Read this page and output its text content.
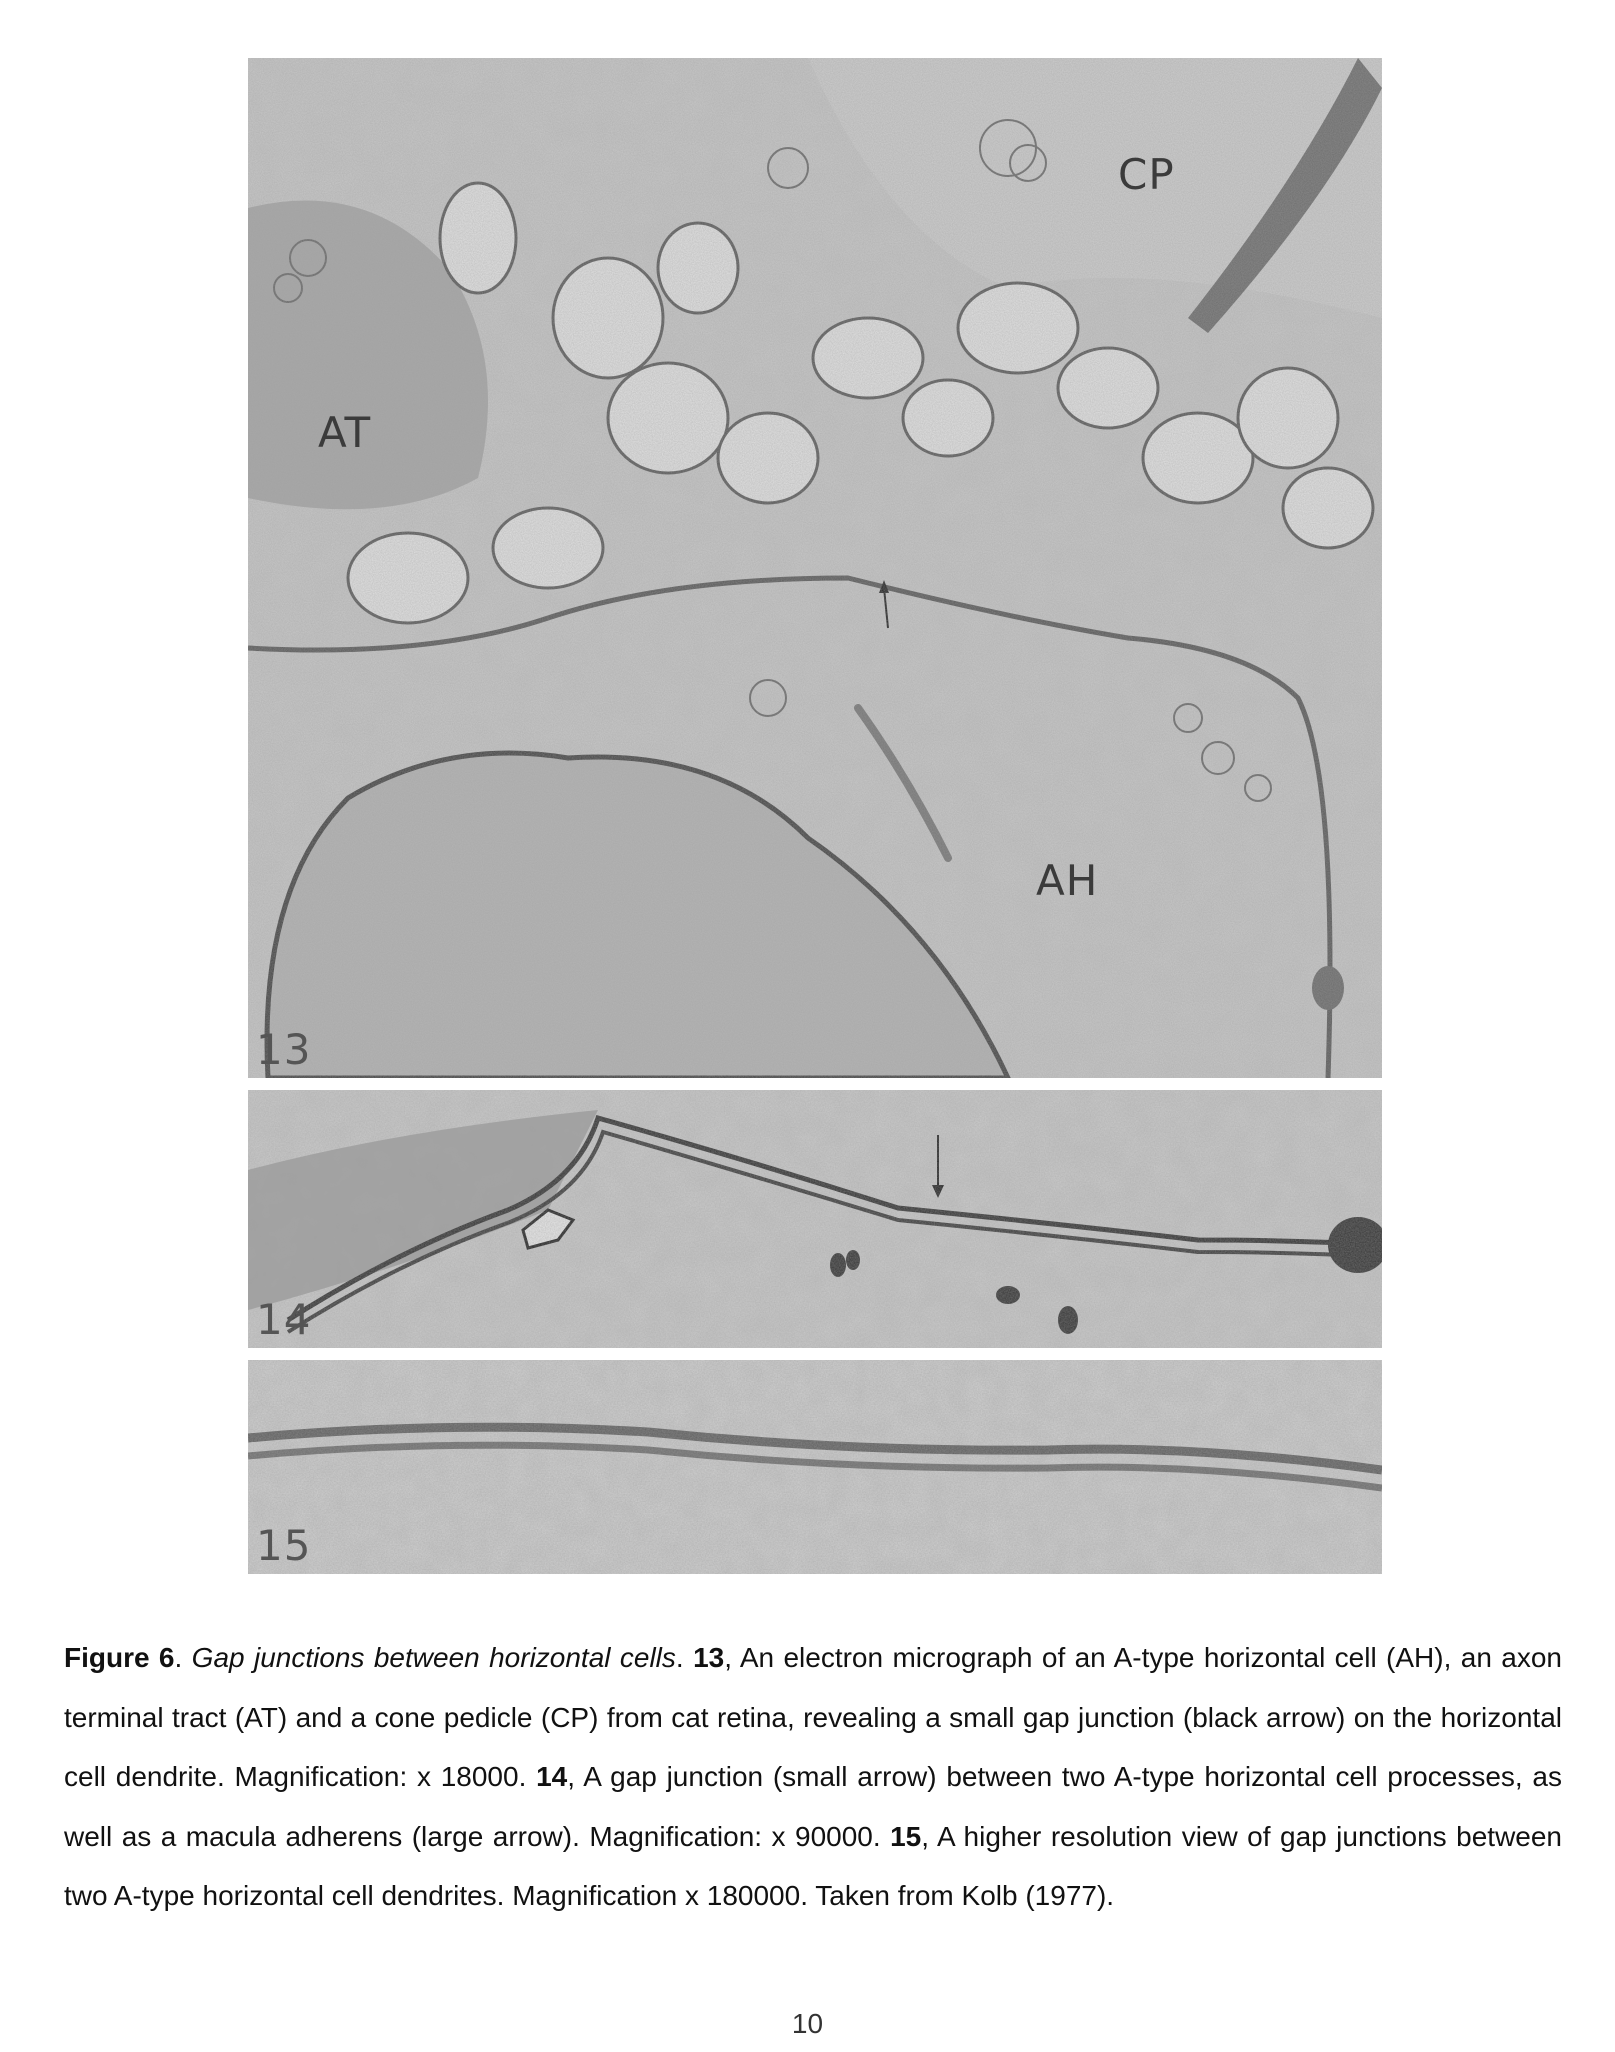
CP
AT
AH
13
14
15
Figure 6. Gap junctions between horizontal cells. 13, An electron micrograph of an A-type horizontal cell (AH), an axon terminal tract (AT) and a cone pedicle (CP) from cat retina, revealing a small gap junction (black arrow) on the horizontal cell dendrite. Magnification: x 18000. 14, A gap junction (small arrow) between two A-type horizontal cell processes, as well as a macula adherens (large arrow). Magnification: x 90000. 15, A higher resolution view of gap junctions between two A-type horizontal cell dendrites. Magnification x 180000. Taken from Kolb (1977).
10
